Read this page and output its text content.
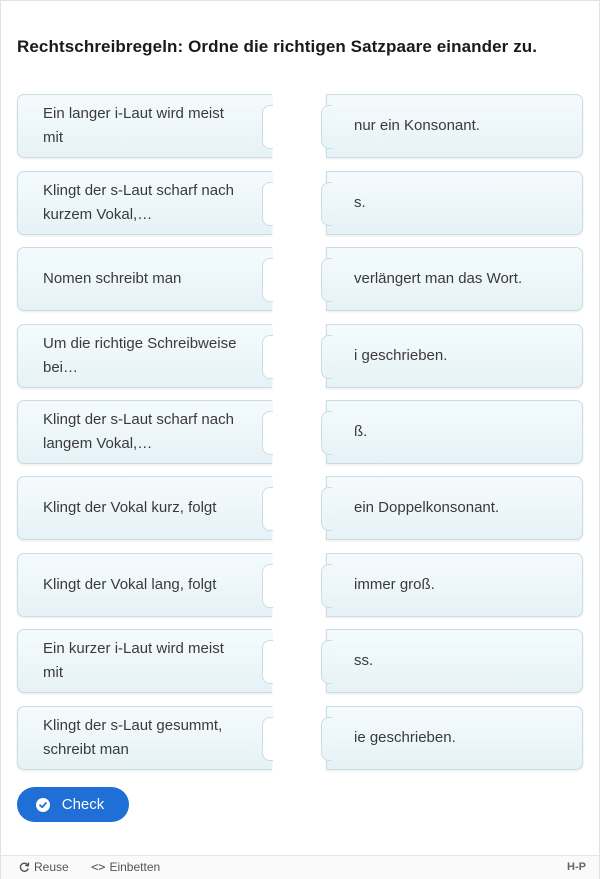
Rechtschreibregeln: Ordne die richtigen Satzpaare einander zu.
Ein langer i-Laut wird meist mit
Klingt der s-Laut scharf nach kurzem Vokal,…
Nomen schreibt man
Um die richtige Schreibweise bei…
Klingt der s-Laut scharf nach langem Vokal,…
Klingt der Vokal kurz, folgt
Klingt der Vokal lang, folgt
Ein kurzer i-Laut wird meist mit
Klingt der s-Laut gesummt, schreibt man
nur ein Konsonant.
s.
verlängert man das Wort.
i geschrieben.
ß.
ein Doppelkonsonant.
immer groß.
ss.
ie geschrieben.
Check
Reuse <> Einbetten	H-P
